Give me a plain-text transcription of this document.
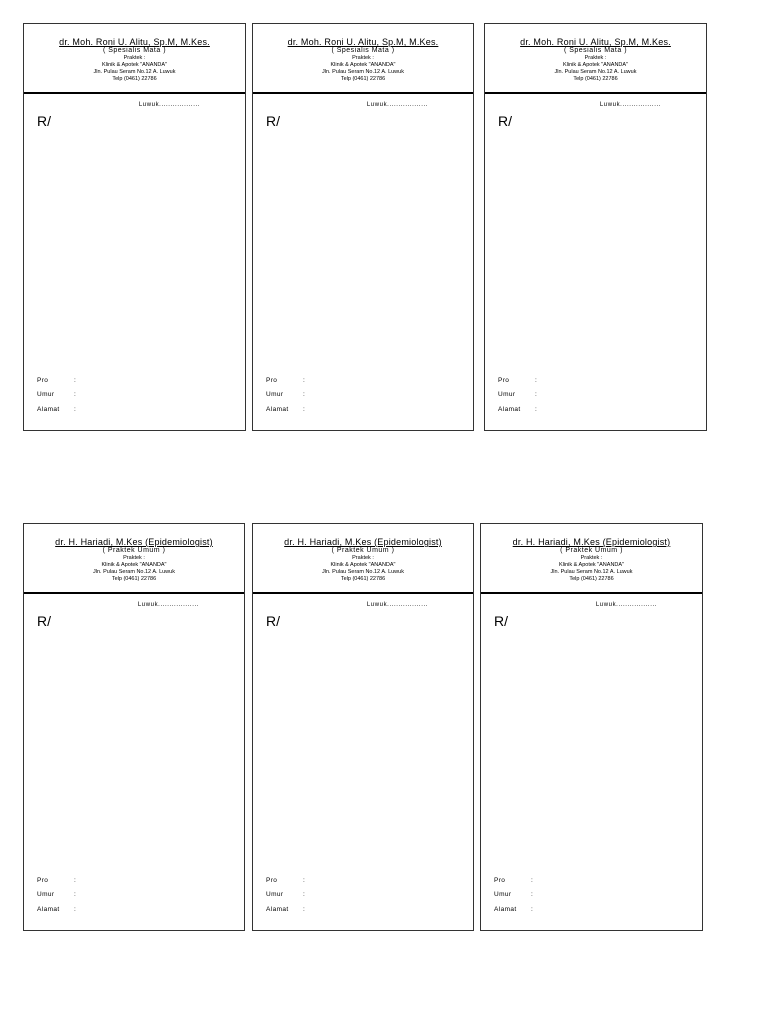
dr. Moh. Roni U. Alitu, Sp.M, M.Kes.
( Spesialis Mata )
Praktek :
Klinik & Apotek "ANANDA"
Jln. Pulau Seram No.12 A. Luwuk
Telp (0461) 22786
Luwuk..................
R/
Pro	:
Umur	:
Alamat	:
dr. Moh. Roni U. Alitu, Sp.M, M.Kes.
( Spesialis Mata )
Praktek :
Klinik & Apotek "ANANDA"
Jln. Pulau Seram No.12 A. Luwuk
Telp (0461) 22786
Luwuk..................
R/
Pro	:
Umur	:
Alamat	:
dr. Moh. Roni U. Alitu, Sp.M, M.Kes.
( Spesialis Mata )
Praktek :
Klinik & Apotek "ANANDA"
Jln. Pulau Seram No.12 A. Luwuk
Telp (0461) 22786
Luwuk..................
R/
Pro	:
Umur	:
Alamat	:
dr. H. Hariadi, M.Kes (Epidemiologist)
( Praktek Umum )
Praktek :
Klinik & Apotek "ANANDA"
Jln. Pulau Seram No.12 A. Luwuk
Telp (0461) 22786
Luwuk..................
R/
Pro	:
Umur	:
Alamat	:
dr. H. Hariadi, M.Kes (Epidemiologist)
( Praktek Umum )
Praktek :
Klinik & Apotek "ANANDA"
Jln. Pulau Seram No.12 A. Luwuk
Telp (0461) 22786
Luwuk..................
R/
Pro	:
Umur	:
Alamat	:
dr. H. Hariadi, M.Kes (Epidemiologist)
( Praktek Umum )
Praktek :
Klinik & Apotek "ANANDA"
Jln. Pulau Seram No.12 A. Luwuk
Telp (0461) 22786
Luwuk..................
R/
Pro	:
Umur	:
Alamat	:
